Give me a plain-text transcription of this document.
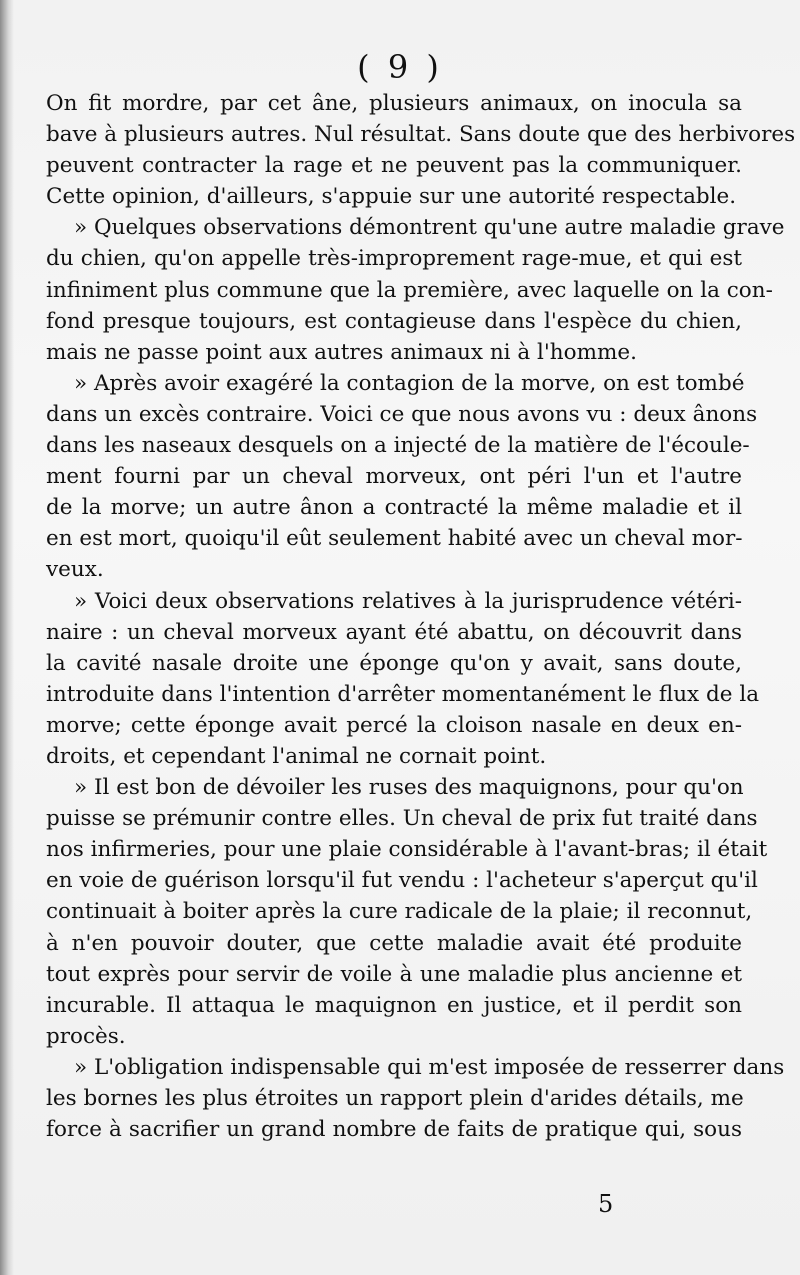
( 9 )
On fit mordre, par cet âne, plusieurs animaux, on inocula sa
bave à plusieurs autres. Nul résultat. Sans doute que des herbivores
peuvent contracter la rage et ne peuvent pas la communiquer.
Cette opinion, d'ailleurs, s'appuie sur une autorité respectable.
» Quelques observations démontrent qu'une autre maladie grave
du chien, qu'on appelle très-improprement rage-mue, et qui est
infiniment plus commune que la première, avec laquelle on la con-
fond presque toujours, est contagieuse dans l'espèce du chien,
mais ne passe point aux autres animaux ni à l'homme.
» Après avoir exagéré la contagion de la morve, on est tombé
dans un excès contraire. Voici ce que nous avons vu : deux ânons
dans les naseaux desquels on a injecté de la matière de l'écoule-
ment fourni par un cheval morveux, ont péri l'un et l'autre
de la morve; un autre ânon a contracté la même maladie et il
en est mort, quoiqu'il eût seulement habité avec un cheval mor-
veux.
» Voici deux observations relatives à la jurisprudence vétéri-
naire : un cheval morveux ayant été abattu, on découvrit dans
la cavité nasale droite une éponge qu'on y avait, sans doute,
introduite dans l'intention d'arrêter momentanément le flux de la
morve; cette éponge avait percé la cloison nasale en deux en-
droits, et cependant l'animal ne cornait point.
» Il est bon de dévoiler les ruses des maquignons, pour qu'on
puisse se prémunir contre elles. Un cheval de prix fut traité dans
nos infirmeries, pour une plaie considérable à l'avant-bras; il était
en voie de guérison lorsqu'il fut vendu : l'acheteur s'aperçut qu'il
continuait à boiter après la cure radicale de la plaie; il reconnut,
à n'en pouvoir douter, que cette maladie avait été produite
tout exprès pour servir de voile à une maladie plus ancienne et
incurable. Il attaqua le maquignon en justice, et il perdit son
procès.
» L'obligation indispensable qui m'est imposée de resserrer dans
les bornes les plus étroites un rapport plein d'arides détails, me
force à sacrifier un grand nombre de faits de pratique qui, sous
5
